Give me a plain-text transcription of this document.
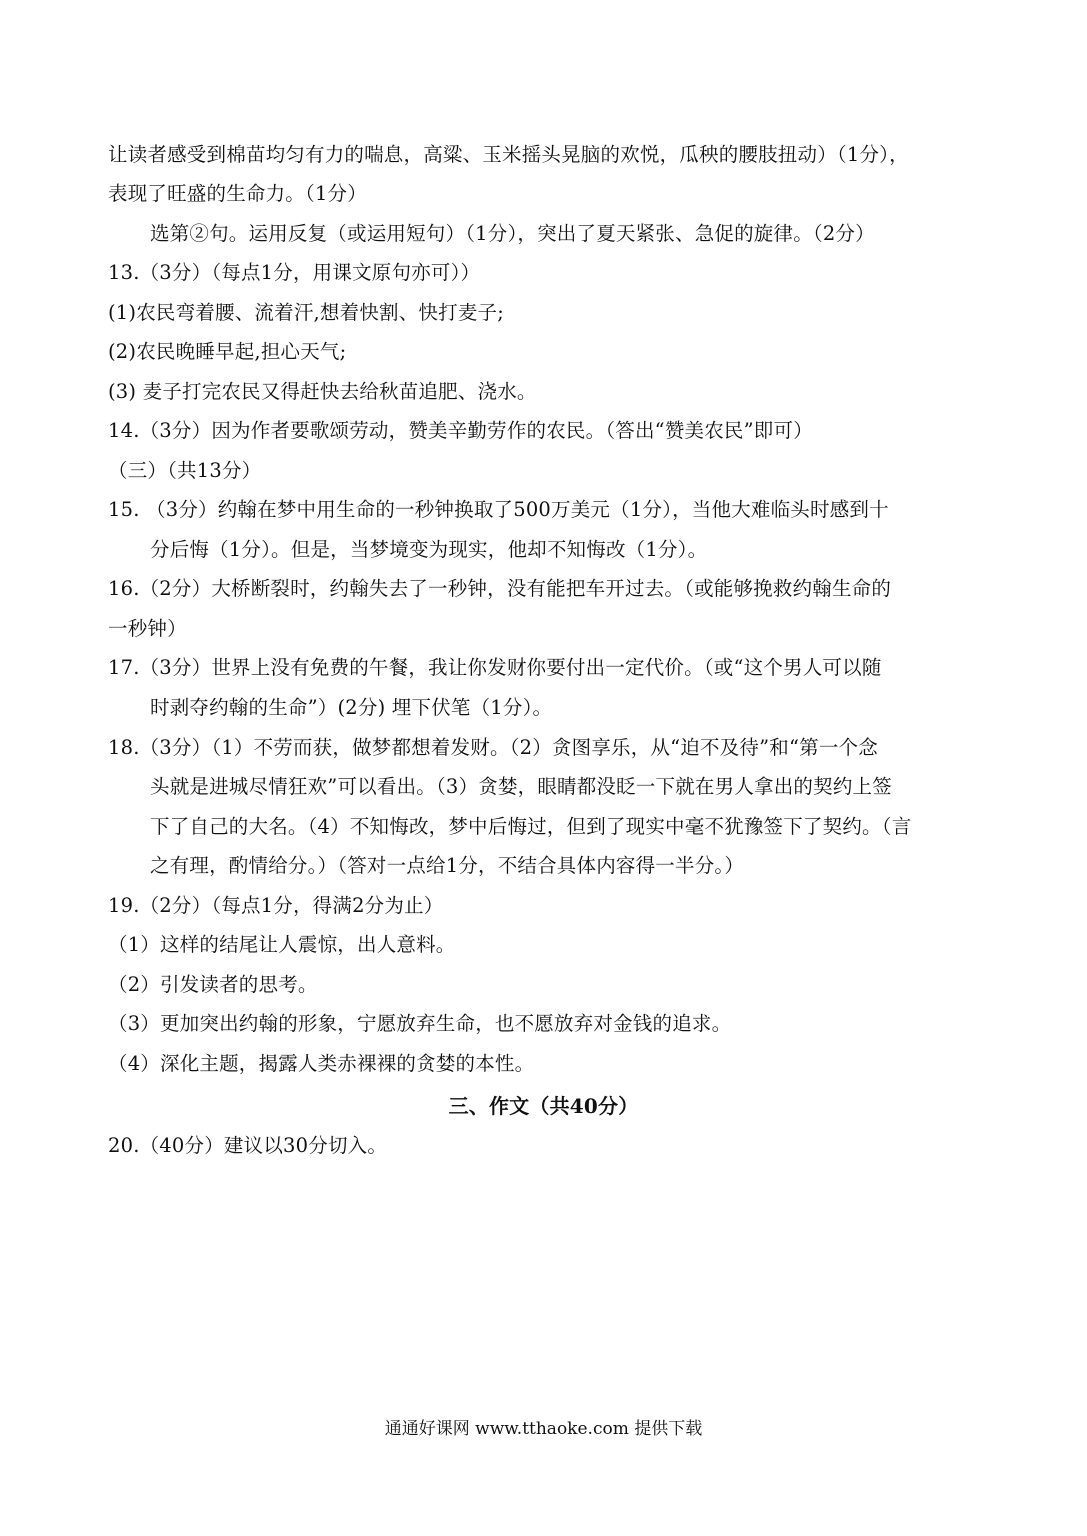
让读者感受到棉苗均匀有力的喘息，高粱、玉米摇头晃脑的欢悦，瓜秧的腰肢扭动）（1分），
表现了旺盛的生命力。（1分）
选第②句。运用反复（或运用短句）（1分），突出了夏天紧张、急促的旋律。（2分）
13.（3分）（每点1分，用课文原句亦可））
(1)农民弯着腰、流着汗,想着快割、快打麦子;
(2)农民晚睡早起,担心天气;
(3) 麦子打完农民又得赶快去给秋苗追肥、浇水。
14.（3分）因为作者要歌颂劳动，赞美辛勤劳作的农民。（答出“赞美农民”即可）
（三）（共13分）
15. （3分）约翰在梦中用生命的一秒钟换取了500万美元（1分），当他大难临头时感到十
分后悔（1分）。但是，当梦境变为现实，他却不知悔改（1分）。
16.（2分）大桥断裂时，约翰失去了一秒钟，没有能把车开过去。（或能够挽救约翰生命的
一秒钟）
17.（3分）世界上没有免费的午餐，我让你发财你要付出一定代价。（或“这个男人可以随
时剥夺约翰的生命”）(2分) 埋下伏笔（1分）。
18.（3分）（1）不劳而获，做梦都想着发财。（2）贪图享乐，从“迫不及待”和“第一个念
头就是进城尽情狂欢”可以看出。（3）贪婪，眼睛都没眨一下就在男人拿出的契约上签
下了自己的大名。（4）不知悔改，梦中后悔过，但到了现实中毫不犹豫签下了契约。（言
之有理，酌情给分。）（答对一点给1分，不结合具体内容得一半分。）
19.（2分）（每点1分，得满2分为止）
（1）这样的结尾让人震惊，出人意料。
（2）引发读者的思考。
（3）更加突出约翰的形象，宁愿放弃生命，也不愿放弃对金钱的追求。
（4）深化主题，揭露人类赤裸裸的贪婪的本性。
三、作文（共40分）
20.（40分）建议以30分切入。
通通好课网 www.tthaoke.com 提供下载
